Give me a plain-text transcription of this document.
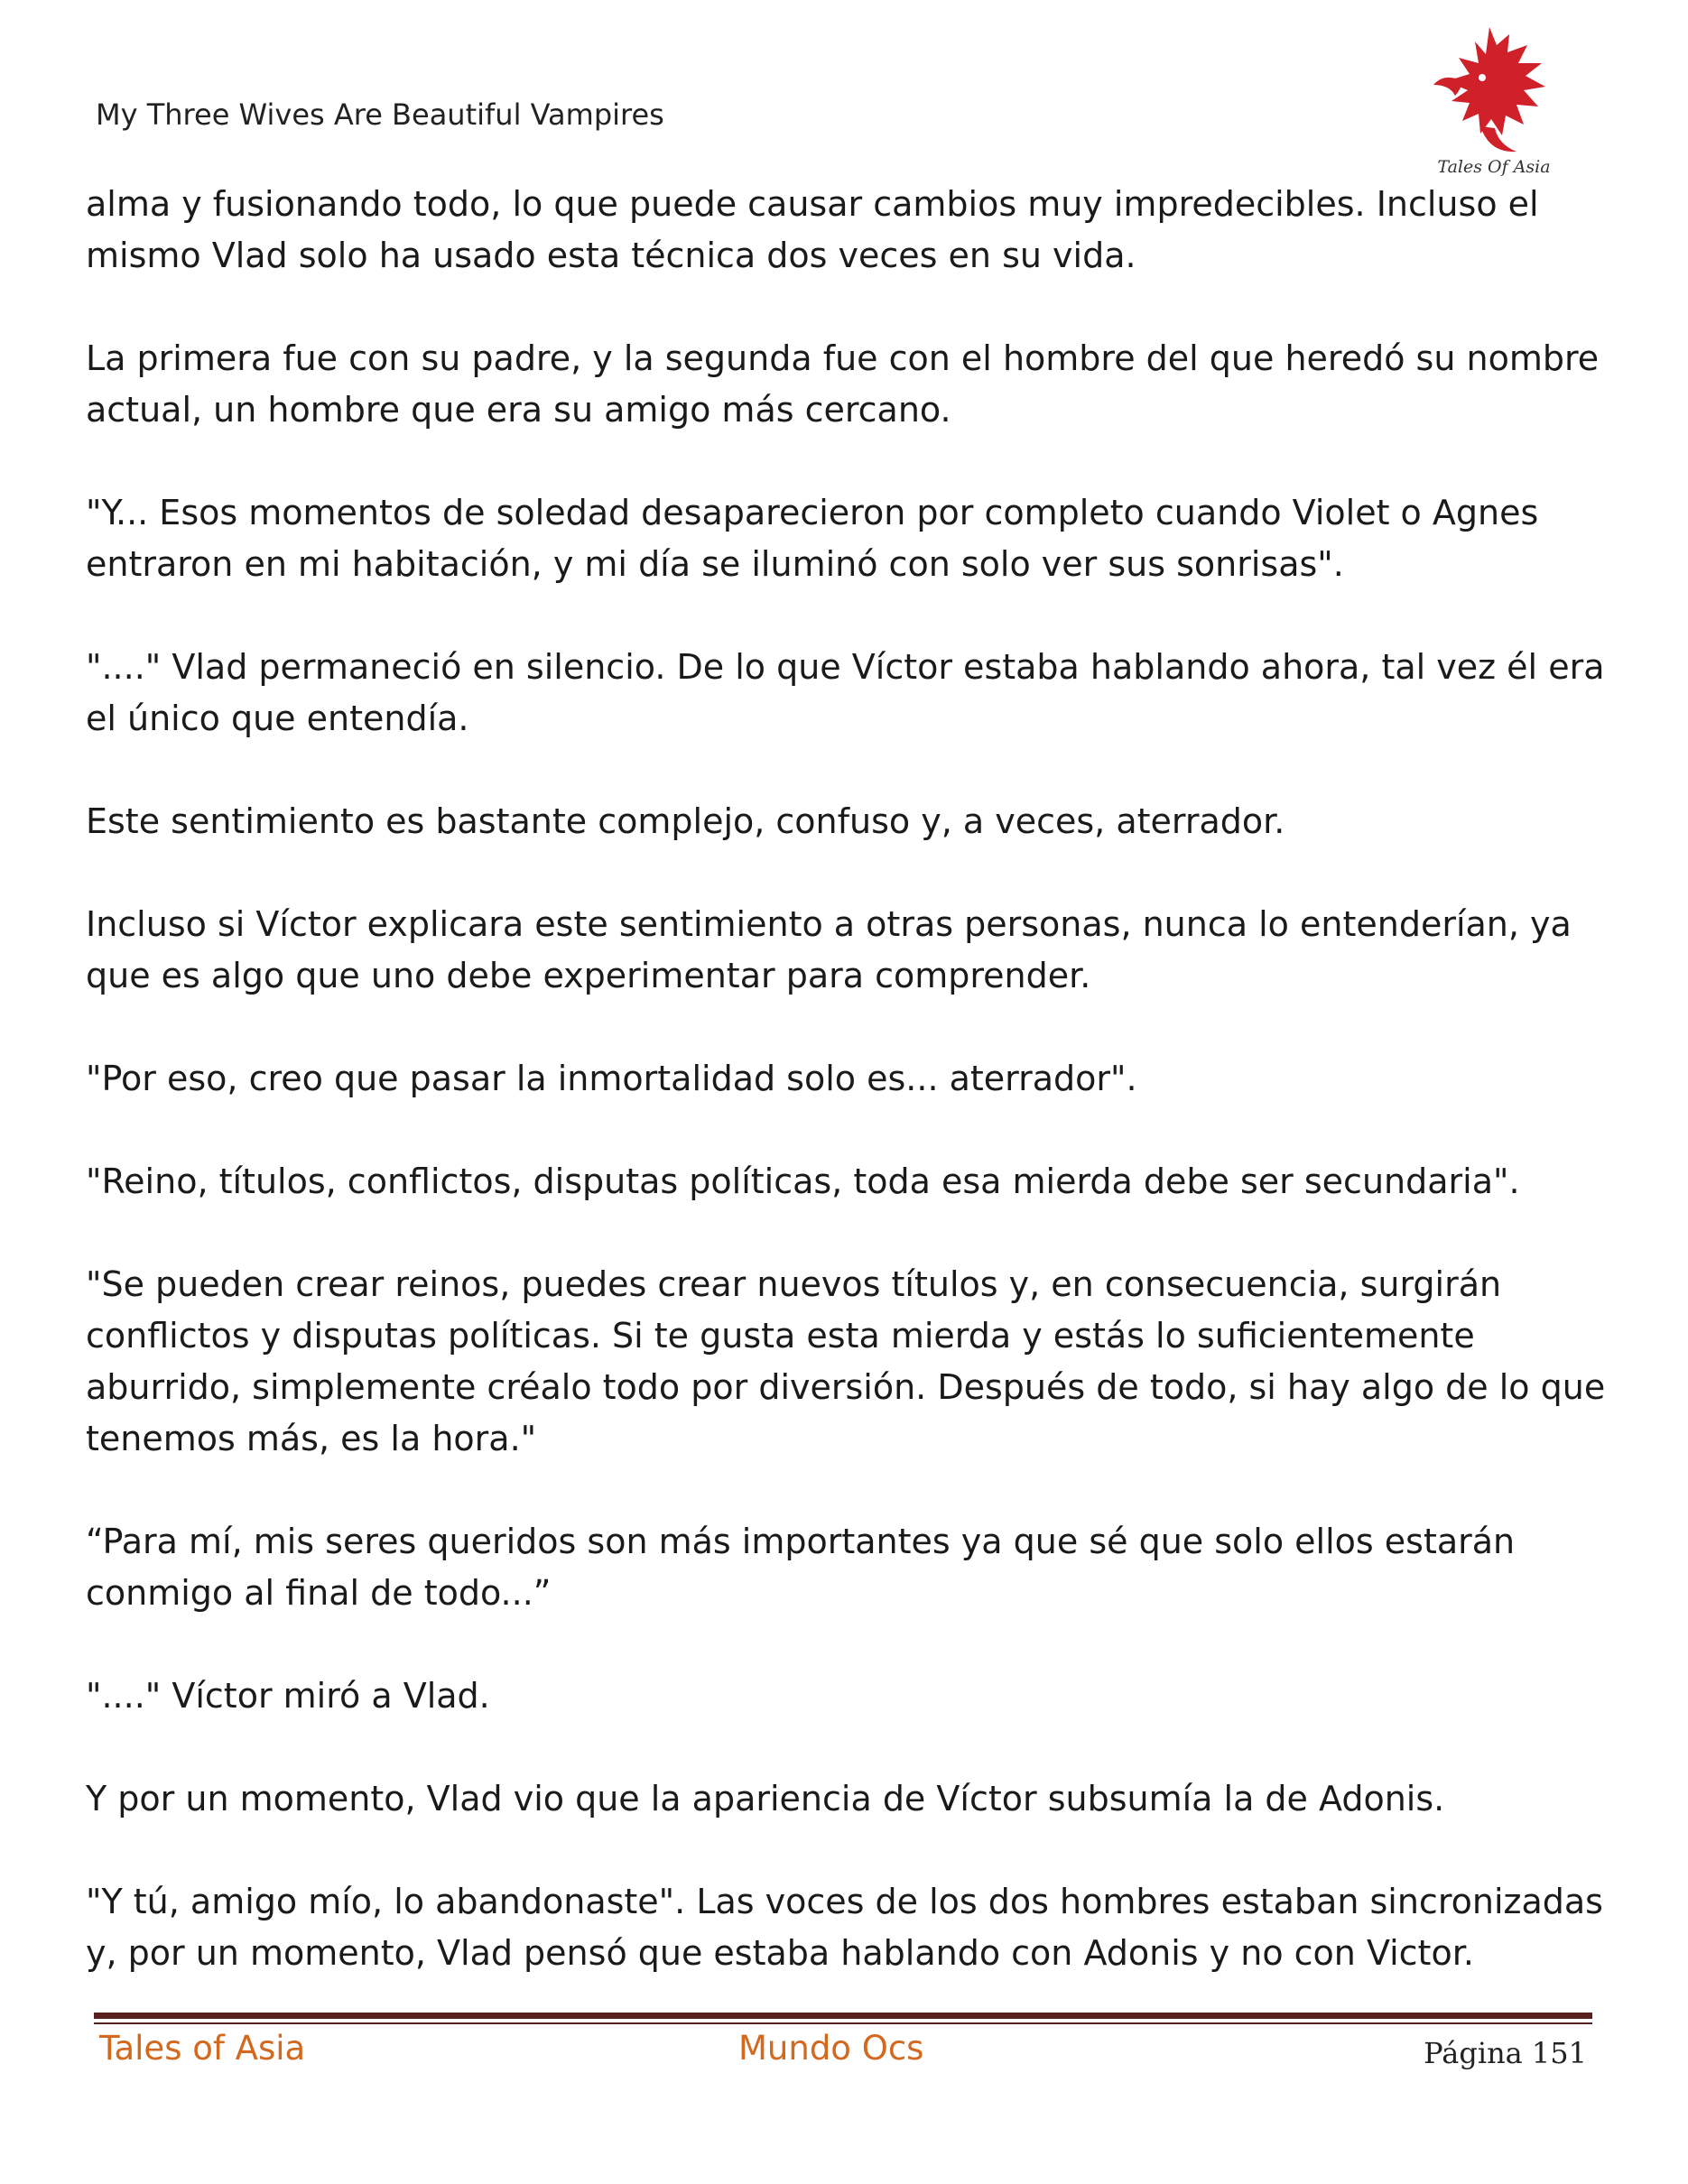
My Three Wives Are Beautiful Vampires
Tales Of Asia

alma y fusionando todo, lo que puede causar cambios muy impredecibles. Incluso el mismo Vlad solo ha usado esta técnica dos veces en su vida.

La primera fue con su padre, y la segunda fue con el hombre del que heredó su nombre actual, un hombre que era su amigo más cercano.

"Y... Esos momentos de soledad desaparecieron por completo cuando Violet o Agnes entraron en mi habitación, y mi día se iluminó con solo ver sus sonrisas".

"...." Vlad permaneció en silencio. De lo que Víctor estaba hablando ahora, tal vez él era el único que entendía.

Este sentimiento es bastante complejo, confuso y, a veces, aterrador.

Incluso si Víctor explicara este sentimiento a otras personas, nunca lo entenderían, ya que es algo que uno debe experimentar para comprender.

"Por eso, creo que pasar la inmortalidad solo es... aterrador".

"Reino, títulos, conflictos, disputas políticas, toda esa mierda debe ser secundaria".

"Se pueden crear reinos, puedes crear nuevos títulos y, en consecuencia, surgirán conflictos y disputas políticas. Si te gusta esta mierda y estás lo suficientemente aburrido, simplemente créalo todo por diversión. Después de todo, si hay algo de lo que tenemos más, es la hora."

“Para mí, mis seres queridos son más importantes ya que sé que solo ellos estarán conmigo al final de todo...”

"...." Víctor miró a Vlad.

Y por un momento, Vlad vio que la apariencia de Víctor subsumía la de Adonis.

"Y tú, amigo mío, lo abandonaste". Las voces de los dos hombres estaban sincronizadas y, por un momento, Vlad pensó que estaba hablando con Adonis y no con Victor.

Tales of Asia	Mundo Ocs	Página 151
